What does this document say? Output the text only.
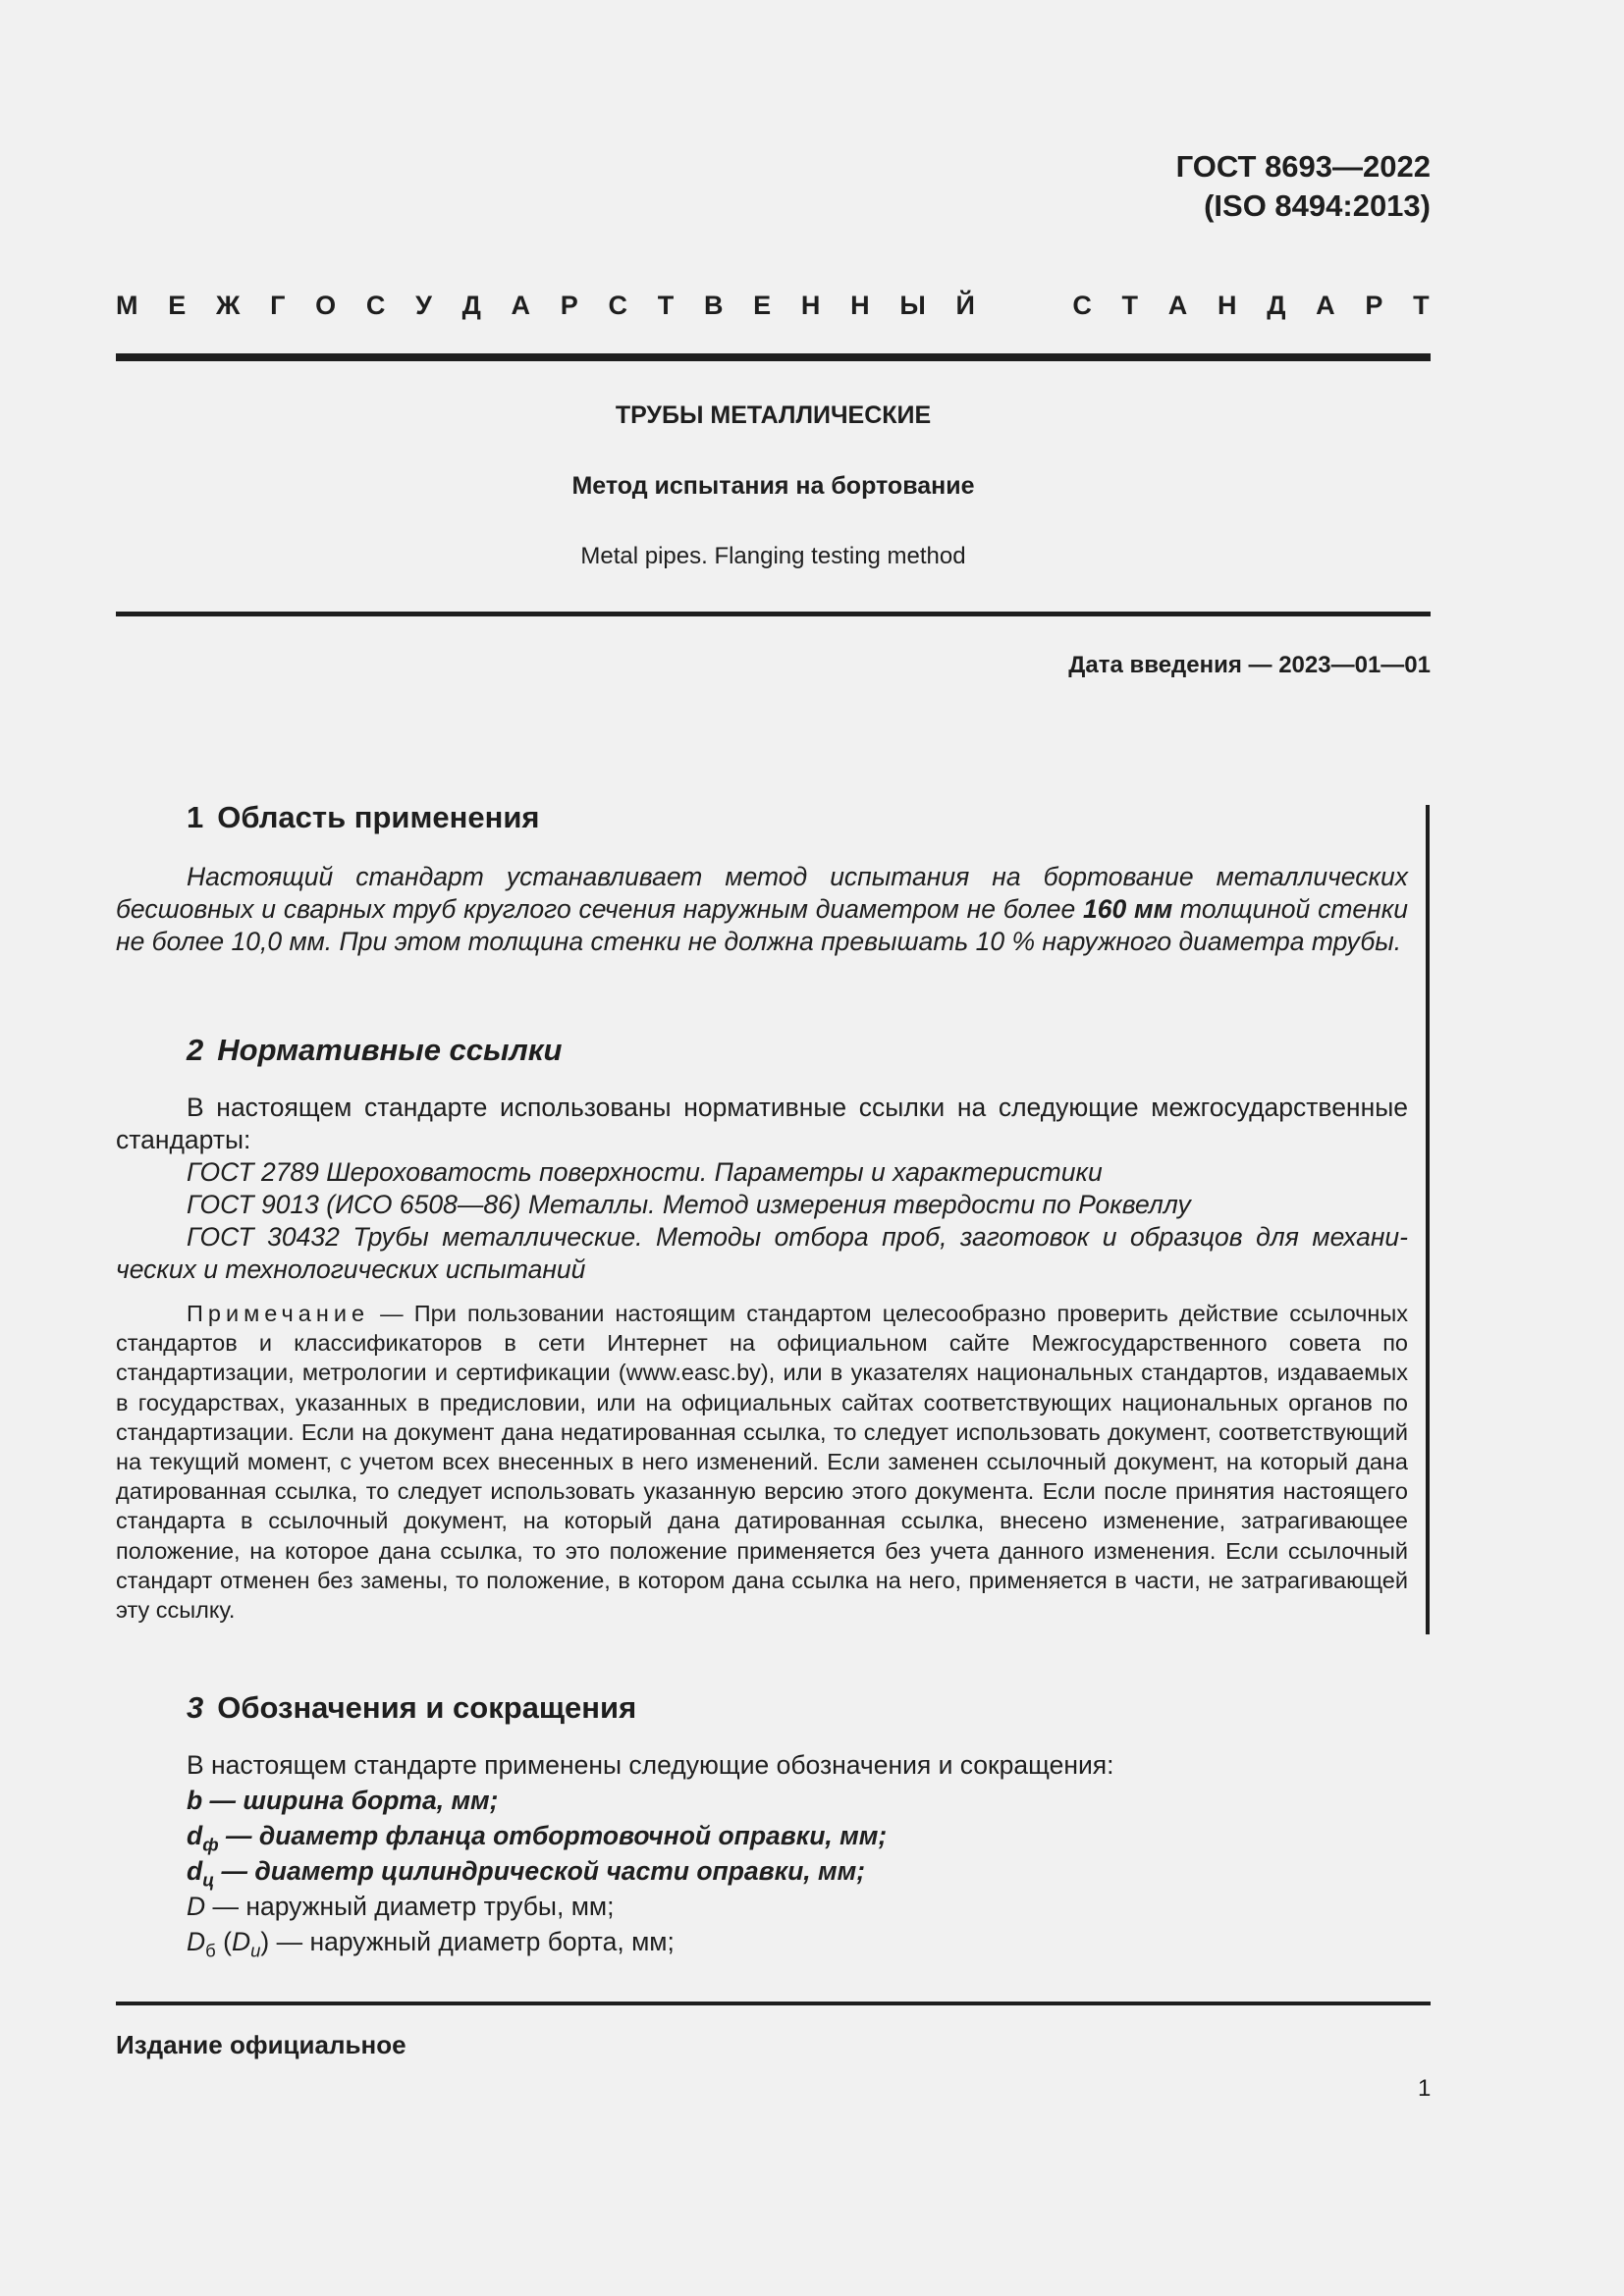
ГОСТ 8693—2022
(ISO 8494:2013)
М Е Ж Г О С У Д А Р С Т В Е Н Н Ы Й	С Т А Н Д А Р Т
ТРУБЫ МЕТАЛЛИЧЕСКИЕ
Метод испытания на бортование
Metal pipes. Flanging testing method
Дата введения — 2023—01—01
1 Область применения
Настоящий стандарт устанавливает метод испытания на бортование металлических бесшовных и сварных труб круглого сечения наружным диаметром не более 160 мм толщиной стенки не более 10,0 мм. При этом толщина стенки не должна превышать 10 % наружного диаметра трубы.
2 Нормативные ссылки
В настоящем стандарте использованы нормативные ссылки на следующие межгосударственные стандарты:
ГОСТ 2789 Шероховатость поверхности. Параметры и характеристики
ГОСТ 9013 (ИСО 6508—86) Металлы. Метод измерения твердости по Роквеллу
ГОСТ 30432 Трубы металлические. Методы отбора проб, заготовок и образцов для механических и технологических испытаний
Примечание — При пользовании настоящим стандартом целесообразно проверить действие ссылочных стандартов и классификаторов в сети Интернет на официальном сайте Межгосударственного совета по стандартизации, метрологии и сертификации (www.easc.by), или в указателях национальных стандартов, издаваемых в государствах, указанных в предисловии, или на официальных сайтах соответствующих национальных органов по стандартизации. Если на документ дана недатированная ссылка, то следует использовать документ, соответствующий на текущий момент, с учетом всех внесенных в него изменений. Если заменен ссылочный документ, на который дана датированная ссылка, то следует использовать указанную версию этого документа. Если после принятия настоящего стандарта в ссылочный документ, на который дана датированная ссылка, внесено изменение, затрагивающее положение, на которое дана ссылка, то это положение применяется без учета данного изменения. Если ссылочный стандарт отменен без замены, то положение, в котором дана ссылка на него, применяется в части, не затрагивающей эту ссылку.
3 Обозначения и сокращения
В настоящем стандарте применены следующие обозначения и сокращения:
b — ширина борта, мм;
$d_ф$ — диаметр фланца отбортовочной оправки, мм;
$d_ц$ — диаметр цилиндрической части оправки, мм;
D — наружный диаметр трубы, мм;
$D_б$ $(D_u)$ — наружный диаметр борта, мм;
Издание официальное
1
